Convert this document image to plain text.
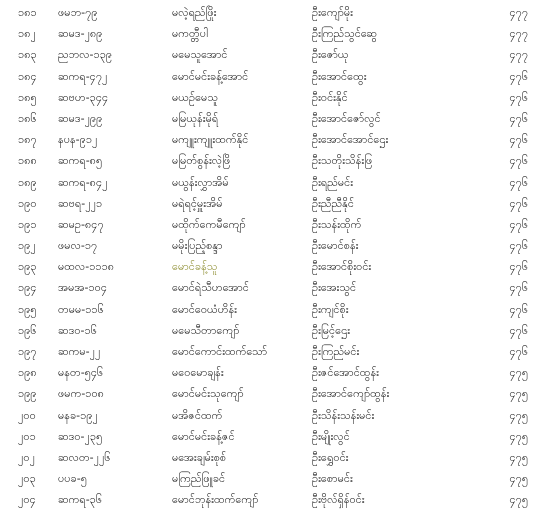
၁၈၁	ဖမဘ-၇၉	မလဲ့ရည်ဖြိုး	ဦးကျော်မိုး	၄၇၇
၁၈၂	ဆမဒ-၂၈၉	မကတ္တီပါ	ဦးကြည်သွင်ဆွေ	၄၇၇
၁၈၃	ညဘလ-၁၃၉	မမေသူအောင်	ဦးဇော်ယု	၄၇၇
၁၈၄	ဆကရ-၄၇၂	မောင်မင်းခန့်အောင်	ဦးအောင်ထွေး	၄၇၆
၁၈၅	ဆဗဟ-၃၄၄	မယဉ်မေသူ	ဦးဝင်းနိုင်	၄၇၆
၁၈၆	ဆမဒ-၂၉၉	မမြယုန်းမိုရ်	ဦးအောင်ဇော်လွင်	၄၇၆
၁၈၇	နပန-၉၁၂	မကျူးကျူးထက်နိုင်	ဦးအောင်အောင်ဌေး	၄၇၆
၁၈၈	ဆကရ-၈၅	မမြတ်စွန်းလဲ့ဖြိ	ဦးသတိုးသိန်းဖြ	၄၇၆
၁၈၉	ဆကရ-၈၄၂	မယွန်းလွှာအိမ်	ဦးရည်မင်း	၄၇၆
၁၉၀	ဆဗရ-၂၂၁	မရဲရင့်မှူးအိမ်	ဦးညီညီနိုင်	၄၇၆
၁၉၁	ဆမဥ-၈၄၇	မထိုက်ကေမီကျော်	ဦးသန်းထိုက်	၄၇၆
၁၉၂	ဖမလ-၁၇	မမိုးပြည့်စန္ဒာ	ဦးမောင်စန်း	၄၇၆
၁၉၃	မထလ-၁၁၁၈	မောင်ခန့်သူ	ဦးအောင်စိုးဝင်း	၄၇၆
၁၉၄	အမအ-၁၀၄	မောင်ရဲသီဟအောင်	ဦးအေးသွင်	၄၇၆
၁၉၅	တမမ-၁၁၆	မောင်ဝေယံဟိန်း	ဦးကျင်စိုး	၄၇၆
၁၉၆	ဆဒဝ-၁၆	မမေသီတာကျော်	ဦးမြင့်ဌေး	၄၇၆
၁၉၇	ဆကမ-၂၂	မောင်ကောင်းထက်သော်	ဦးကြည်မင်း	၄၇၆
၁၉၈	မနတ-၅၄၆	မဝေမောချန်း	ဦးဇင်အောင်ထွန်း	၄၇၅
၁၉၉	ဖမက-၁၀၈	မောင်မင်းသုကျော်	ဦးအောင်ကျော်ထွန်း	၄၇၅
၂၀၀	မနခ-၁၉၂	မအိဇင်ထက်	ဦးသိန်းသန်းမင်း	၄၇၅
၂၀၁	ဆဒဝ-၂၃၅	မောင်မင်းခန့်ဇင်	ဦးမျိုးလွင်	၄၇၅
၂၀၂	ဆလတ-၂၂၆	မအေးချမ်းစုစ်	ဦးရွှေဝင်း	၄၇၅
၂၀၃	ပပခ-၅	မကြည်ဖြူခင်	ဦးစောမင်း	၄၇၅
၂၀၄	ဆကရ-၃၆	မောင်ဘုန်းထက်ကျော်	ဦးဗိုလ်ရှိန်ဝင်း	၄၇၅
